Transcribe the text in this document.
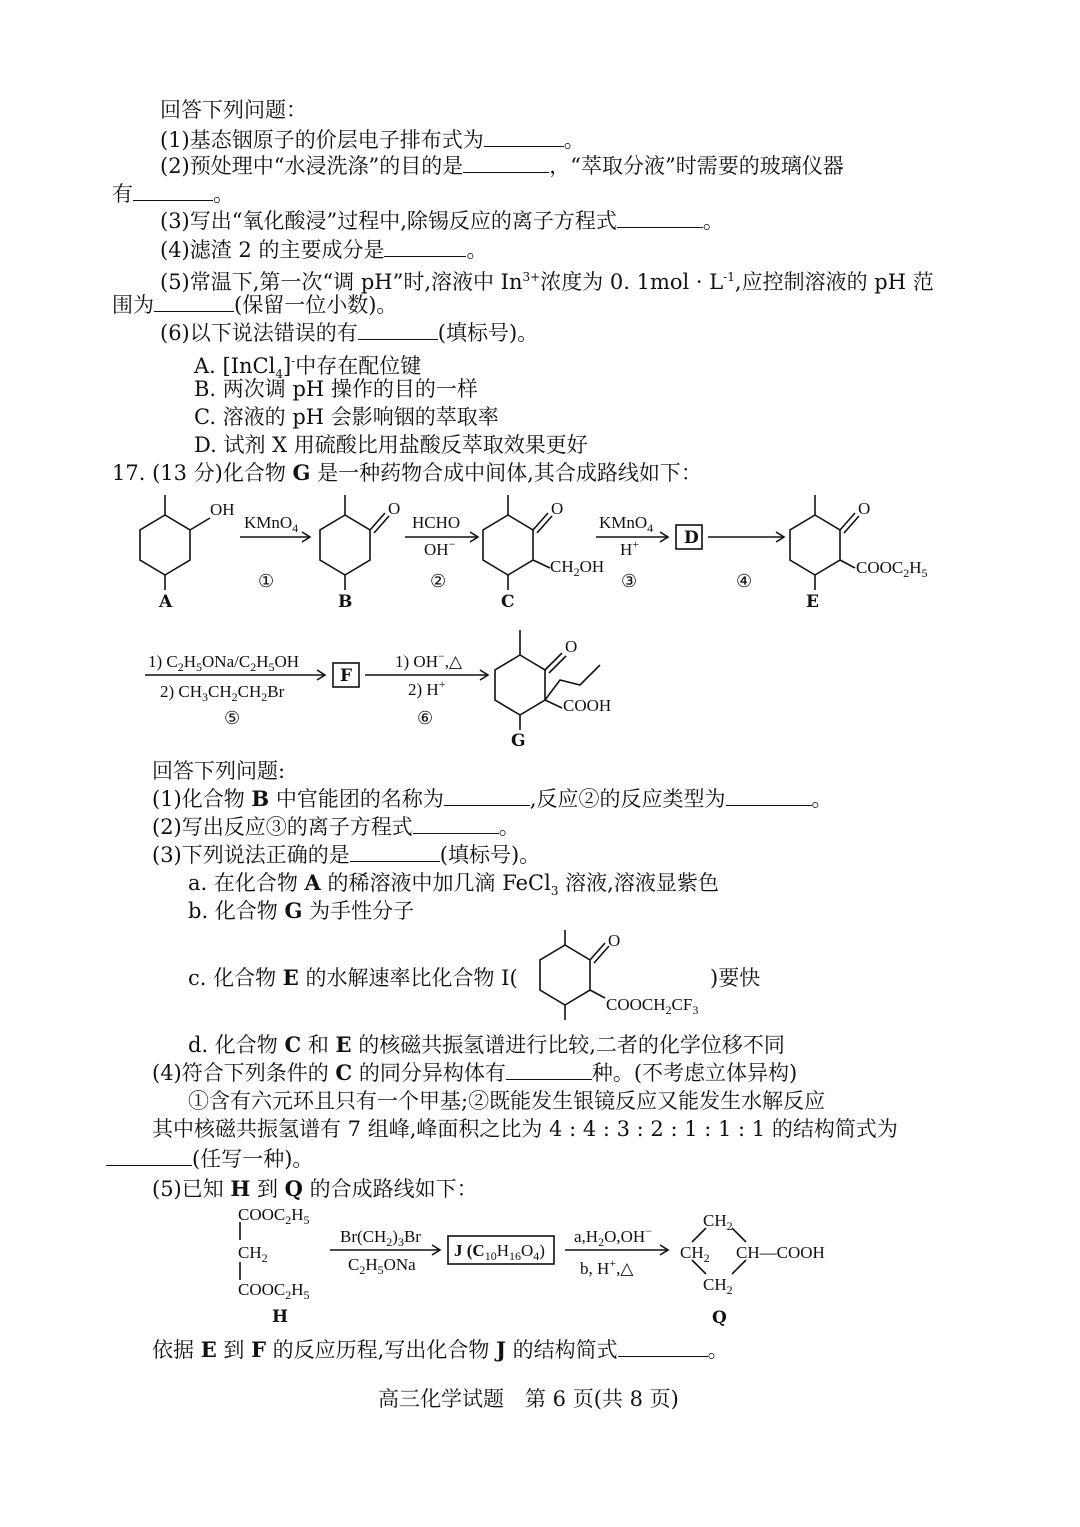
回答下列问题：
(1)基态铟原子的价层电子排布式为	。
(2)预处理中“水浸洗涤”的目的是	，“萃取分液”时需要的玻璃仪器
有	。
(3)写出“氧化酸浸”过程中,除锡反应的离子方程式	。
(4)滤渣 2 的主要成分是	。
(5)常温下,第一次“调 pH”时,溶液中 $In^{3+}$浓度为 0. $1mol \cdot L^{-1}$,应控制溶液的 pH 范
围为	(保留一位小数)。
(6)以下说法错误的有	(填标号)。
A. [InCl$_4$]-中存在配位键
B. 两次调 pH 操作的目的一样
C. 溶液的 pH 会影响铟的萃取率
D. 试剂 X 用硫酸比用盐酸反萃取效果更好
17. (13 分)化合物 G 是一种药物合成中间体,其合成路线如下：
OH	O	O	O
O
O
KMnO$_4$	HCHO
OH−
KMnO$_4$
H+
$CH_2OH$	$COOC_2H_5$
D
A	B	C	E
①	②	③	④
1) $C_2H_5ONa/C_2H_5OH$
2) $CH_3CH_2CH_2Br$
⑤
F
1) OH−,△
2) H+
⑥
COOH
G
$COOCH_2CF_3$
$COOC_2H_5$
$CH_2$
$COOC_2H_5$
H
$Br(CH_2)_3Br$
$C_2H_5ONa$
J $(C_{10}H_{16}O_4)$
$a,H_2O,OH^-$
b, H+,△
$CH_2$
$CH_2$ CH—COOH
$CH_2$
Q
回答下列问题:
(1)化合物 B 中官能团的名称为	,反应②的反应类型为	。
(2)写出反应③的离子方程式	。
(3)下列说法正确的是	(填标号)。
a. 在化合物 A 的稀溶液中加几滴 FeCl$_3$ 溶液,溶液显紫色
b. 化合物 G 为手性分子
c. 化合物 E 的水解速率比化合物 I(	)要快
d. 化合物 C 和 E 的核磁共振氢谱进行比较,二者的化学位移不同
(4)符合下列条件的 C 的同分异构体有	种。(不考虑立体异构)
①含有六元环且只有一个甲基;②既能发生银镜反应又能发生水解反应
其中核磁共振氢谱有 7 组峰,峰面积之比为 4 : 4 : 3 : 2 : 1 : 1 : 1 的结构简式为
(任写一种)。
(5)已知 H 到 Q 的合成路线如下：
依据 E 到 F 的反应历程,写出化合物 J 的结构简式	。
高三化学试题　第 6 页(共 8 页)
